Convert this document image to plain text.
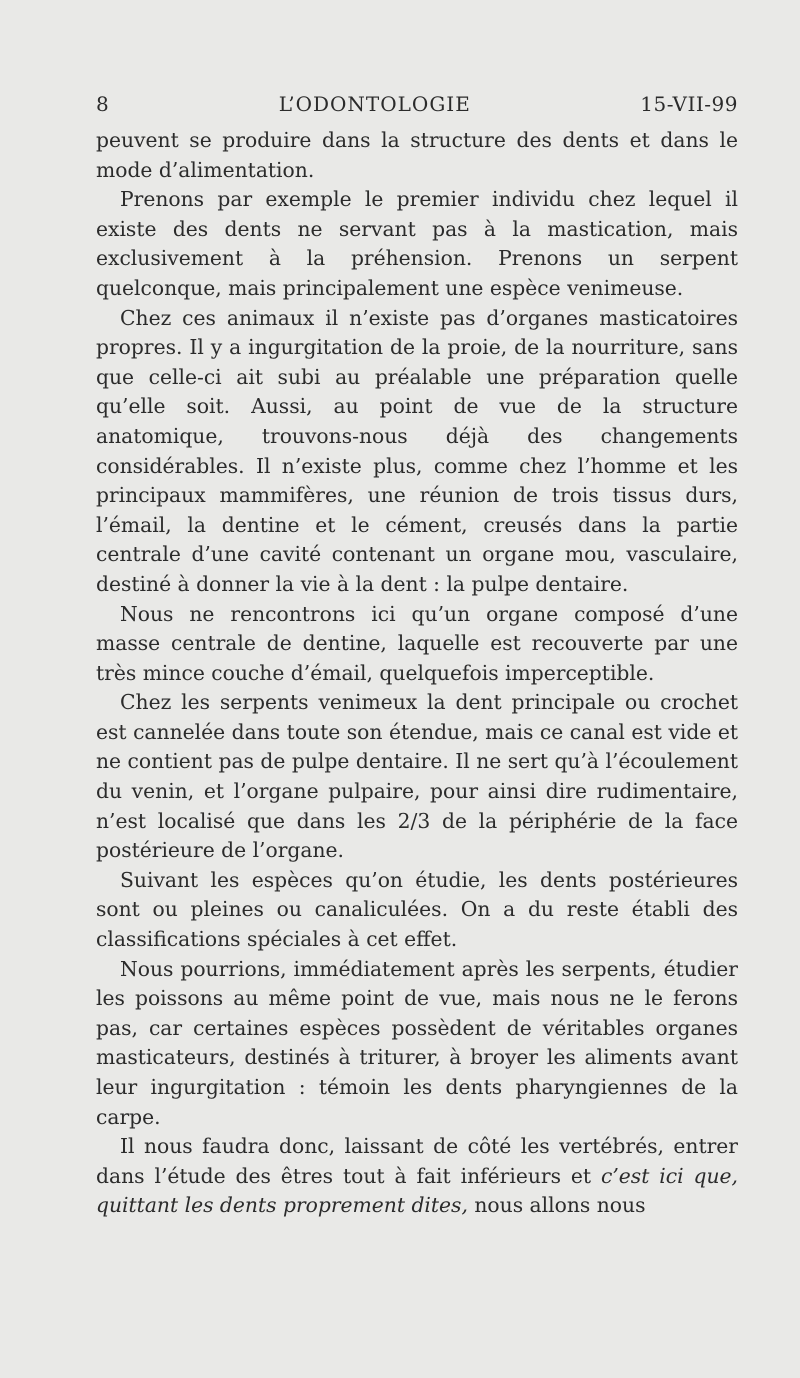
8	L’ODONTOLOGIE	15-VII-99

peuvent se produire dans la structure des dents et dans le mode d’alimentation.

Prenons par exemple le premier individu chez lequel il existe des dents ne servant pas à la mastication, mais exclusivement à la préhension. Prenons un serpent quelconque, mais principalement une espèce venimeuse.

Chez ces animaux il n’existe pas d’organes masticatoires propres. Il y a ingurgitation de la proie, de la nourriture, sans que celle-ci ait subi au préalable une préparation quelle qu’elle soit. Aussi, au point de vue de la structure anatomique, trouvons-nous déjà des changements considérables. Il n’existe plus, comme chez l’homme et les principaux mammifères, une réunion de trois tissus durs, l’émail, la dentine et le cément, creusés dans la partie centrale d’une cavité contenant un organe mou, vasculaire, destiné à donner la vie à la dent : la pulpe dentaire.

Nous ne rencontrons ici qu’un organe composé d’une masse centrale de dentine, laquelle est recouverte par une très mince couche d’émail, quelquefois imperceptible.

Chez les serpents venimeux la dent principale ou crochet est cannelée dans toute son étendue, mais ce canal est vide et ne contient pas de pulpe dentaire. Il ne sert qu’à l’écoulement du venin, et l’organe pulpaire, pour ainsi dire rudimentaire, n’est localisé que dans les 2/3 de la périphérie de la face postérieure de l’organe.

Suivant les espèces qu’on étudie, les dents postérieures sont ou pleines ou canaliculées. On a du reste établi des classifications spéciales à cet effet.

Nous pourrions, immédiatement après les serpents, étudier les poissons au même point de vue, mais nous ne le ferons pas, car certaines espèces possèdent de véritables organes masticateurs, destinés à triturer, à broyer les aliments avant leur ingurgitation : témoin les dents pharyngiennes de la carpe.

Il nous faudra donc, laissant de côté les vertébrés, entrer dans l’étude des êtres tout à fait inférieurs et c’est ici que, quittant les dents proprement dites, nous allons nous
